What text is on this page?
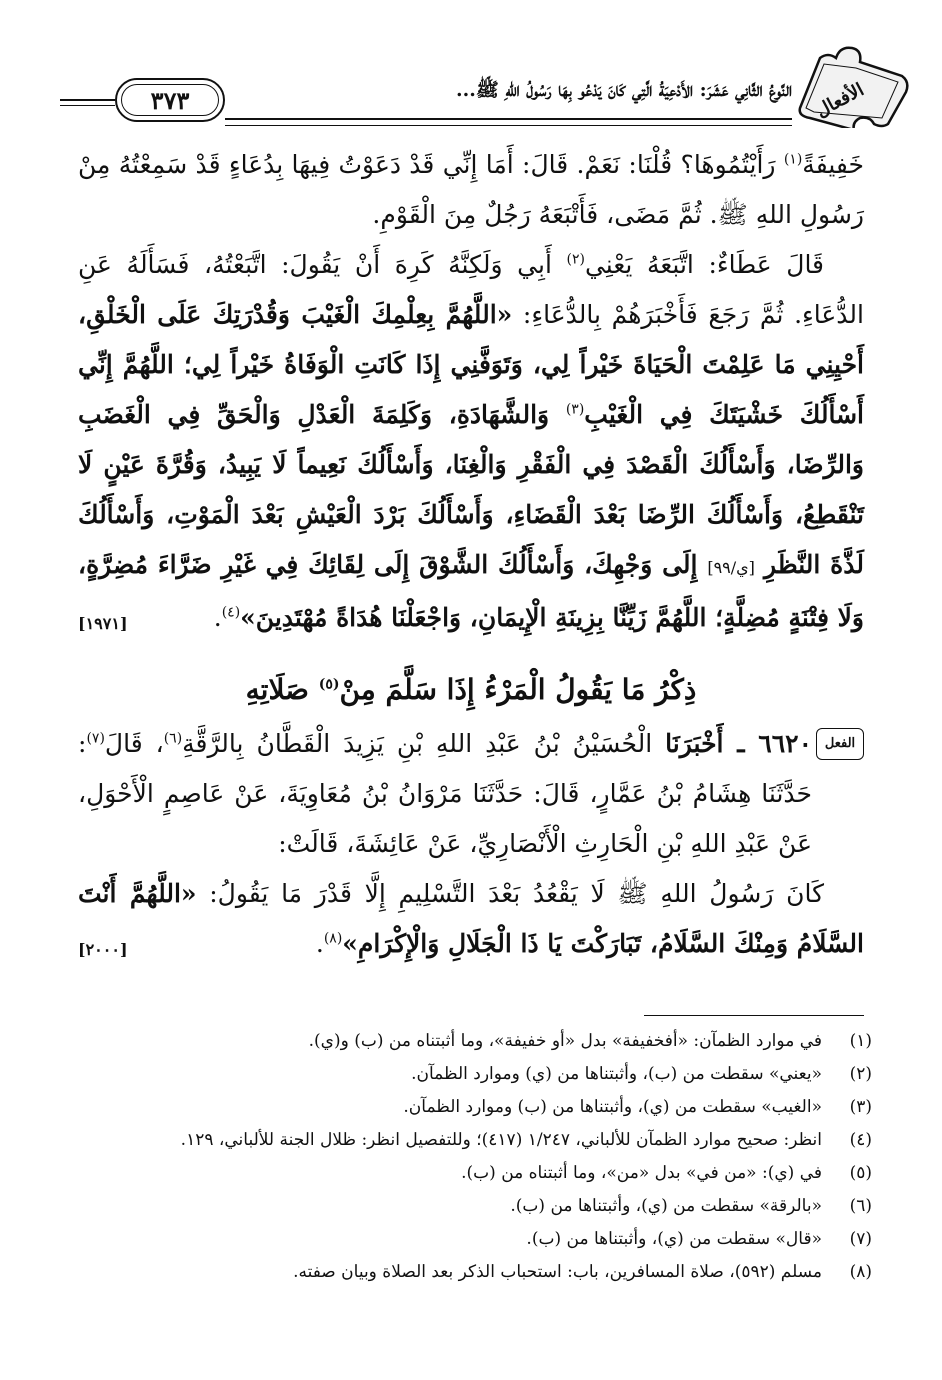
الأفعال
النَّوعُ الثَّانِي عَشَرَ: الأَدْعِيَةُ الَّتِي كَانَ يَدْعُو بِهَا رَسُولُ اللهِ ﷺ...
٣٧٣

خَفِيفَةً$^{(١)}$ رَأَيْتُمُوهَا؟ قُلْنَا: نَعَمْ. قَالَ: أَمَا إِنِّي قَدْ دَعَوْتُ فِيهَا بِدُعَاءٍ قَدْ سَمِعْتُهُ مِنْ رَسُولِ اللهِ ﷺ. ثُمَّ مَضَى، فَأَتْبَعَهُ رَجُلٌ مِنَ الْقَوْمِ.

قَالَ عَطَاءٌ: اتَّبَعَهُ يَعْنِي$^{(٢)}$ أَبِي وَلَكِنَّهُ كَرِهَ أَنْ يَقُولَ: اتَّبَعْتُهُ، فَسَأَلَهُ عَنِ الدُّعَاءِ. ثُمَّ رَجَعَ فَأَخْبَرَهُمْ بِالدُّعَاءِ: «اللَّهُمَّ بِعِلْمِكَ الْغَيْبَ وَقُدْرَتِكَ عَلَى الْخَلْقِ، أَحْيِنِي مَا عَلِمْتَ الْحَيَاةَ خَيْراً لِي، وَتَوَفَّنِي إِذَا كَانَتِ الْوَفَاةُ خَيْراً لِي؛ اللَّهُمَّ إِنِّي أَسْأَلُكَ خَشْيَتَكَ فِي الْغَيْبِ$^{(٣)}$ وَالشَّهَادَةِ، وَكَلِمَةَ الْعَدْلِ وَالْحَقِّ فِي الْغَضَبِ وَالرِّضَا، وَأَسْأَلُكَ الْقَصْدَ فِي الْفَقْرِ وَالْغِنَا، وَأَسْأَلُكَ نَعِيماً لَا يَبِيدُ، وَقُرَّةَ عَيْنٍ لَا تَنْقَطِعُ، وَأَسْأَلُكَ الرِّضَا بَعْدَ الْقَضَاءِ، وَأَسْأَلُكَ بَرْدَ الْعَيْشِ بَعْدَ الْمَوْتِ، وَأَسْأَلُكَ لَذَّةَ النَّظَرِ [ي/٩٩] إِلَى وَجْهِكَ، وَأَسْأَلُكَ الشَّوْقَ إِلَى لِقَائِكَ فِي غَيْرِ ضَرَّاءَ مُضِرَّةٍ، وَلَا فِتْنَةٍ مُضِلَّةٍ؛ اللَّهُمَّ زَيِّنَّا بِزِينَةِ الْإِيمَانِ، وَاجْعَلْنَا هُدَاةً مُهْتَدِينَ»$^{(٤)}$.
[١٩٧١]

ذِكْرُ مَا يَقُولُ الْمَرْءُ إِذَا سَلَّمَ مِنْ$^{(٥)}$ صَلَاتِهِ

الفعل
٦٦٢٠ ـ أَخْبَرَنَا الْحُسَيْنُ بْنُ عَبْدِ اللهِ بْنِ يَزِيدَ الْقَطَّانُ بِالرَّقَّةِ$^{(٦)}$، قَالَ$^{(٧)}$: حَدَّثَنَا هِشَامُ بْنُ عَمَّارٍ، قَالَ: حَدَّثَنَا مَرْوَانُ بْنُ مُعَاوِيَةَ، عَنْ عَاصِمٍ الْأَحْوَلِ، عَنْ عَبْدِ اللهِ بْنِ الْحَارِثِ الْأَنْصَارِيِّ، عَنْ عَائِشَةَ، قَالَتْ:

كَانَ رَسُولُ اللهِ ﷺ لَا يَقْعُدُ بَعْدَ التَّسْلِيمِ إِلَّا قَدْرَ مَا يَقُولُ: «اللَّهُمَّ أَنْتَ السَّلَامُ وَمِنْكَ السَّلَامُ، تَبَارَكْتَ يَا ذَا الْجَلَالِ وَالْإِكْرَامِ»$^{(٨)}$.
[٢٠٠٠]

(١)
في موارد الظمآن: «أفخفيفة» بدل «أو خفيفة»، وما أثبتناه من (ب) و(ي).

(٢)
«يعني» سقطت من (ب)، وأثبتناها من (ي) وموارد الظمآن.

(٣)
«الغيب» سقطت من (ي)، وأثبتناها من (ب) وموارد الظمآن.

(٤)
انظر: صحيح موارد الظمآن للألباني، ١/٢٤٧ (٤١٧)؛ وللتفصيل انظر: ظلال الجنة للألباني، ١٢٩.

(٥)
في (ي): «من في» بدل «من»، وما أثبتناه من (ب).

(٦)
«بالرقة» سقطت من (ي)، وأثبتناها من (ب).

(٧)
«قال» سقطت من (ي)، وأثبتناها من (ب).

(٨)
مسلم (٥٩٢)، صلاة المسافرين، باب: استحباب الذكر بعد الصلاة وبيان صفته.
